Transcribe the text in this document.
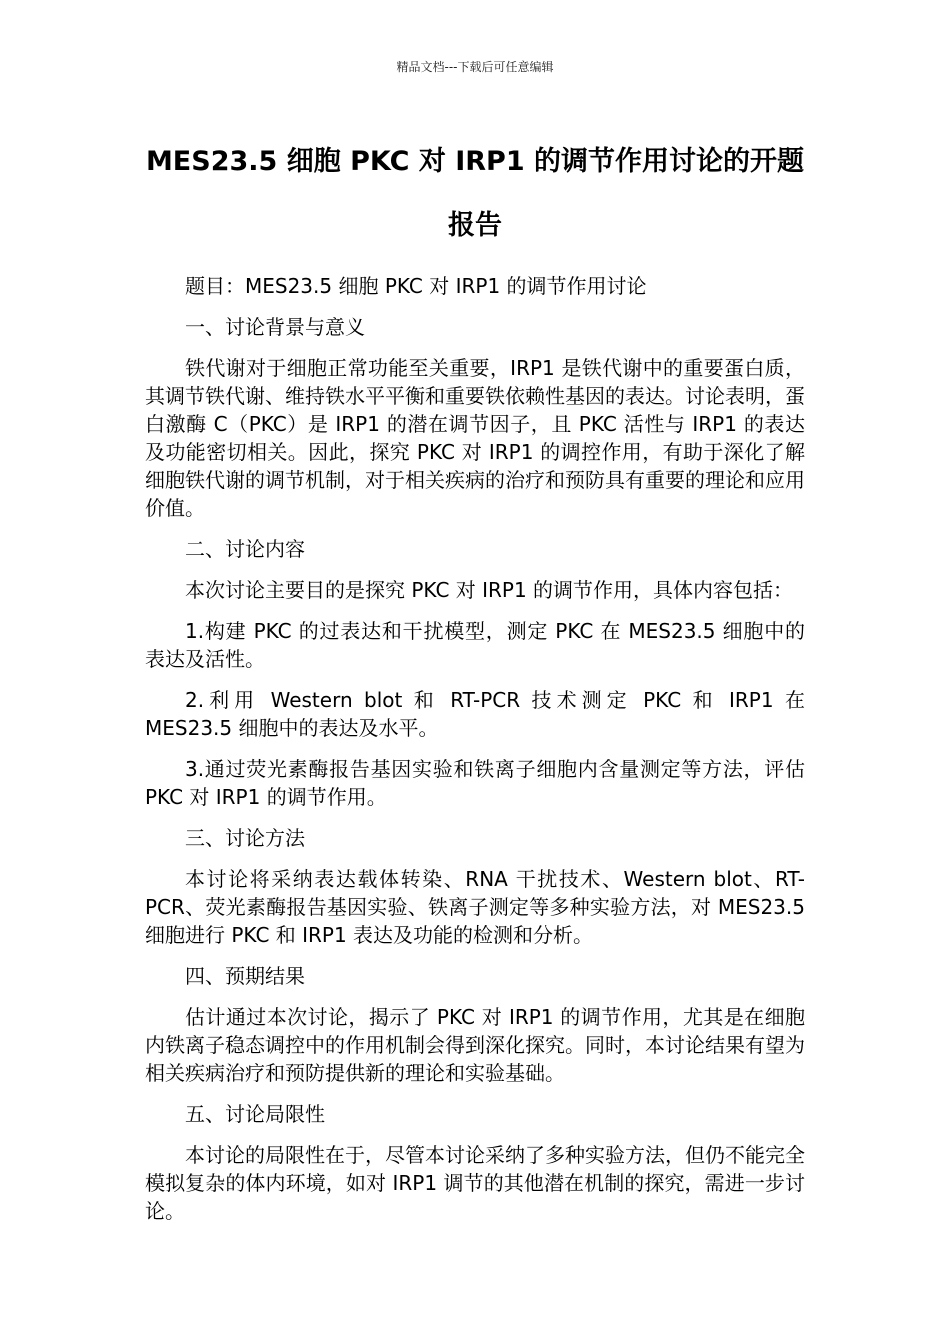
精品文档---下载后可任意编辑
MES23.5 细胞 PKC 对 IRP1 的调节作用讨论的开题报告

题目：MES23.5 细胞 PKC 对 IRP1 的调节作用讨论

一、讨论背景与意义

铁代谢对于细胞正常功能至关重要，IRP1 是铁代谢中的重要蛋白质，其调节铁代谢、维持铁水平平衡和重要铁依赖性基因的表达。讨论表明，蛋白激酶 C（PKC）是 IRP1 的潜在调节因子，且 PKC 活性与 IRP1 的表达及功能密切相关。因此，探究 PKC 对 IRP1 的调控作用，有助于深化了解细胞铁代谢的调节机制，对于相关疾病的治疗和预防具有重要的理论和应用价值。

二、讨论内容

本次讨论主要目的是探究 PKC 对 IRP1 的调节作用，具体内容包括：

1.构建 PKC 的过表达和干扰模型，测定 PKC 在 MES23.5 细胞中的表达及活性。

2.利用 Western blot 和 RT-PCR 技术测定 PKC 和 IRP1 在 MES23.5 细胞中的表达及水平。

3.通过荧光素酶报告基因实验和铁离子细胞内含量测定等方法，评估 PKC 对 IRP1 的调节作用。

三、讨论方法

本讨论将采纳表达载体转染、RNA 干扰技术、Western blot、RT-PCR、荧光素酶报告基因实验、铁离子测定等多种实验方法，对 MES23.5 细胞进行 PKC 和 IRP1 表达及功能的检测和分析。

四、预期结果

估计通过本次讨论，揭示了 PKC 对 IRP1 的调节作用，尤其是在细胞内铁离子稳态调控中的作用机制会得到深化探究。同时，本讨论结果有望为相关疾病治疗和预防提供新的理论和实验基础。

五、讨论局限性

本讨论的局限性在于，尽管本讨论采纳了多种实验方法，但仍不能完全模拟复杂的体内环境，如对 IRP1 调节的其他潜在机制的探究，需进一步讨论。
